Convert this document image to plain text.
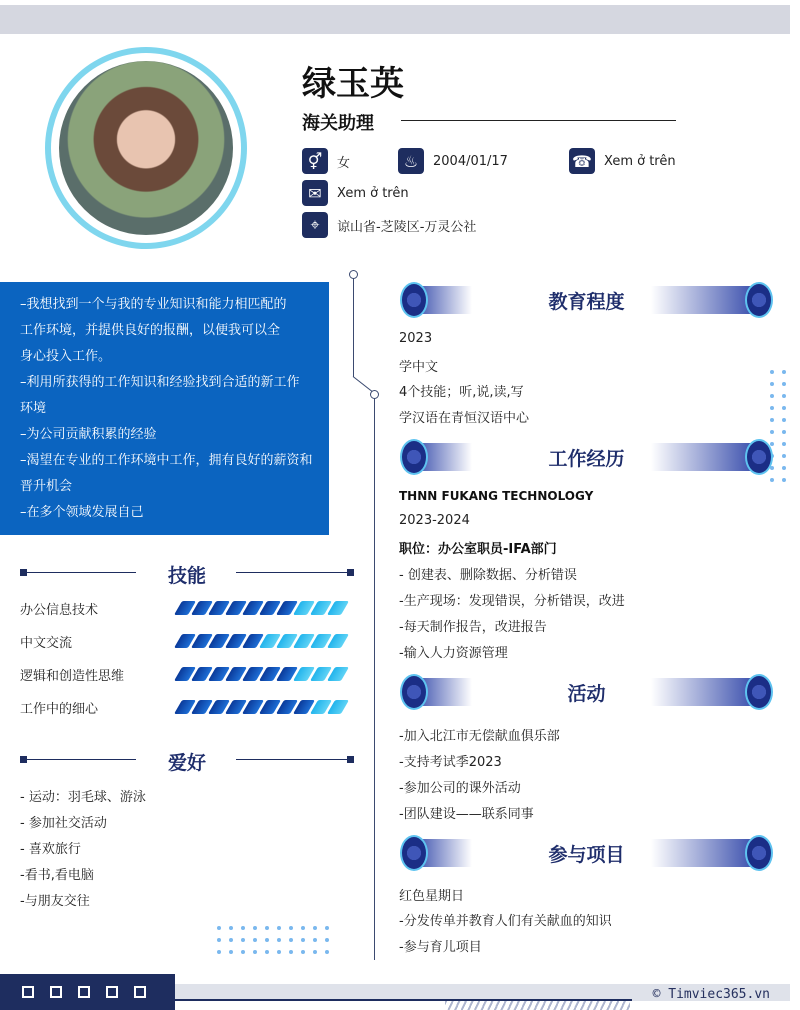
绿玉英
海关助理
⚥	女	♨	2004/01/17	☎ Xem ở trên
✉	Xem ở trên
⌖	谅山省-芝陵区-万灵公社
–我想找到一个与我的专业知识和能力相匹配的
工作环境，并提供良好的报酬，以便我可以全
身心投入工作。
–利用所获得的工作知识和经验找到合适的新工作
环境
–为公司贡献积累的经验
–渴望在专业的工作环境中工作，拥有良好的薪资和
晋升机会
–在多个领域发展自己
技能
办公信息技术
中文交流
逻辑和创造性思维
工作中的细心
爱好
- 运动：羽毛球、游泳
- 参加社交活动
- 喜欢旅行
-看书,看电脑
-与朋友交往
教育程度
2023
学中文
4个技能；听,说,读,写
学汉语在青恒汉语中心
工作经历
THNN FUKANG TECHNOLOGY
2023-2024
职位：办公室职员-IFA部门
- 创建表、删除数据、分析错误
-生产现场：发现错误，分析错误，改进
-每天制作报告，改进报告
-输入人力资源管理
活动
-加入北江市无偿献血俱乐部
-支持考试季2023
-参加公司的课外活动
-团队建设——联系同事
参与项目
红色星期日
-分发传单并教育人们有关献血的知识
-参与育儿项目
© Timviec365.vn
